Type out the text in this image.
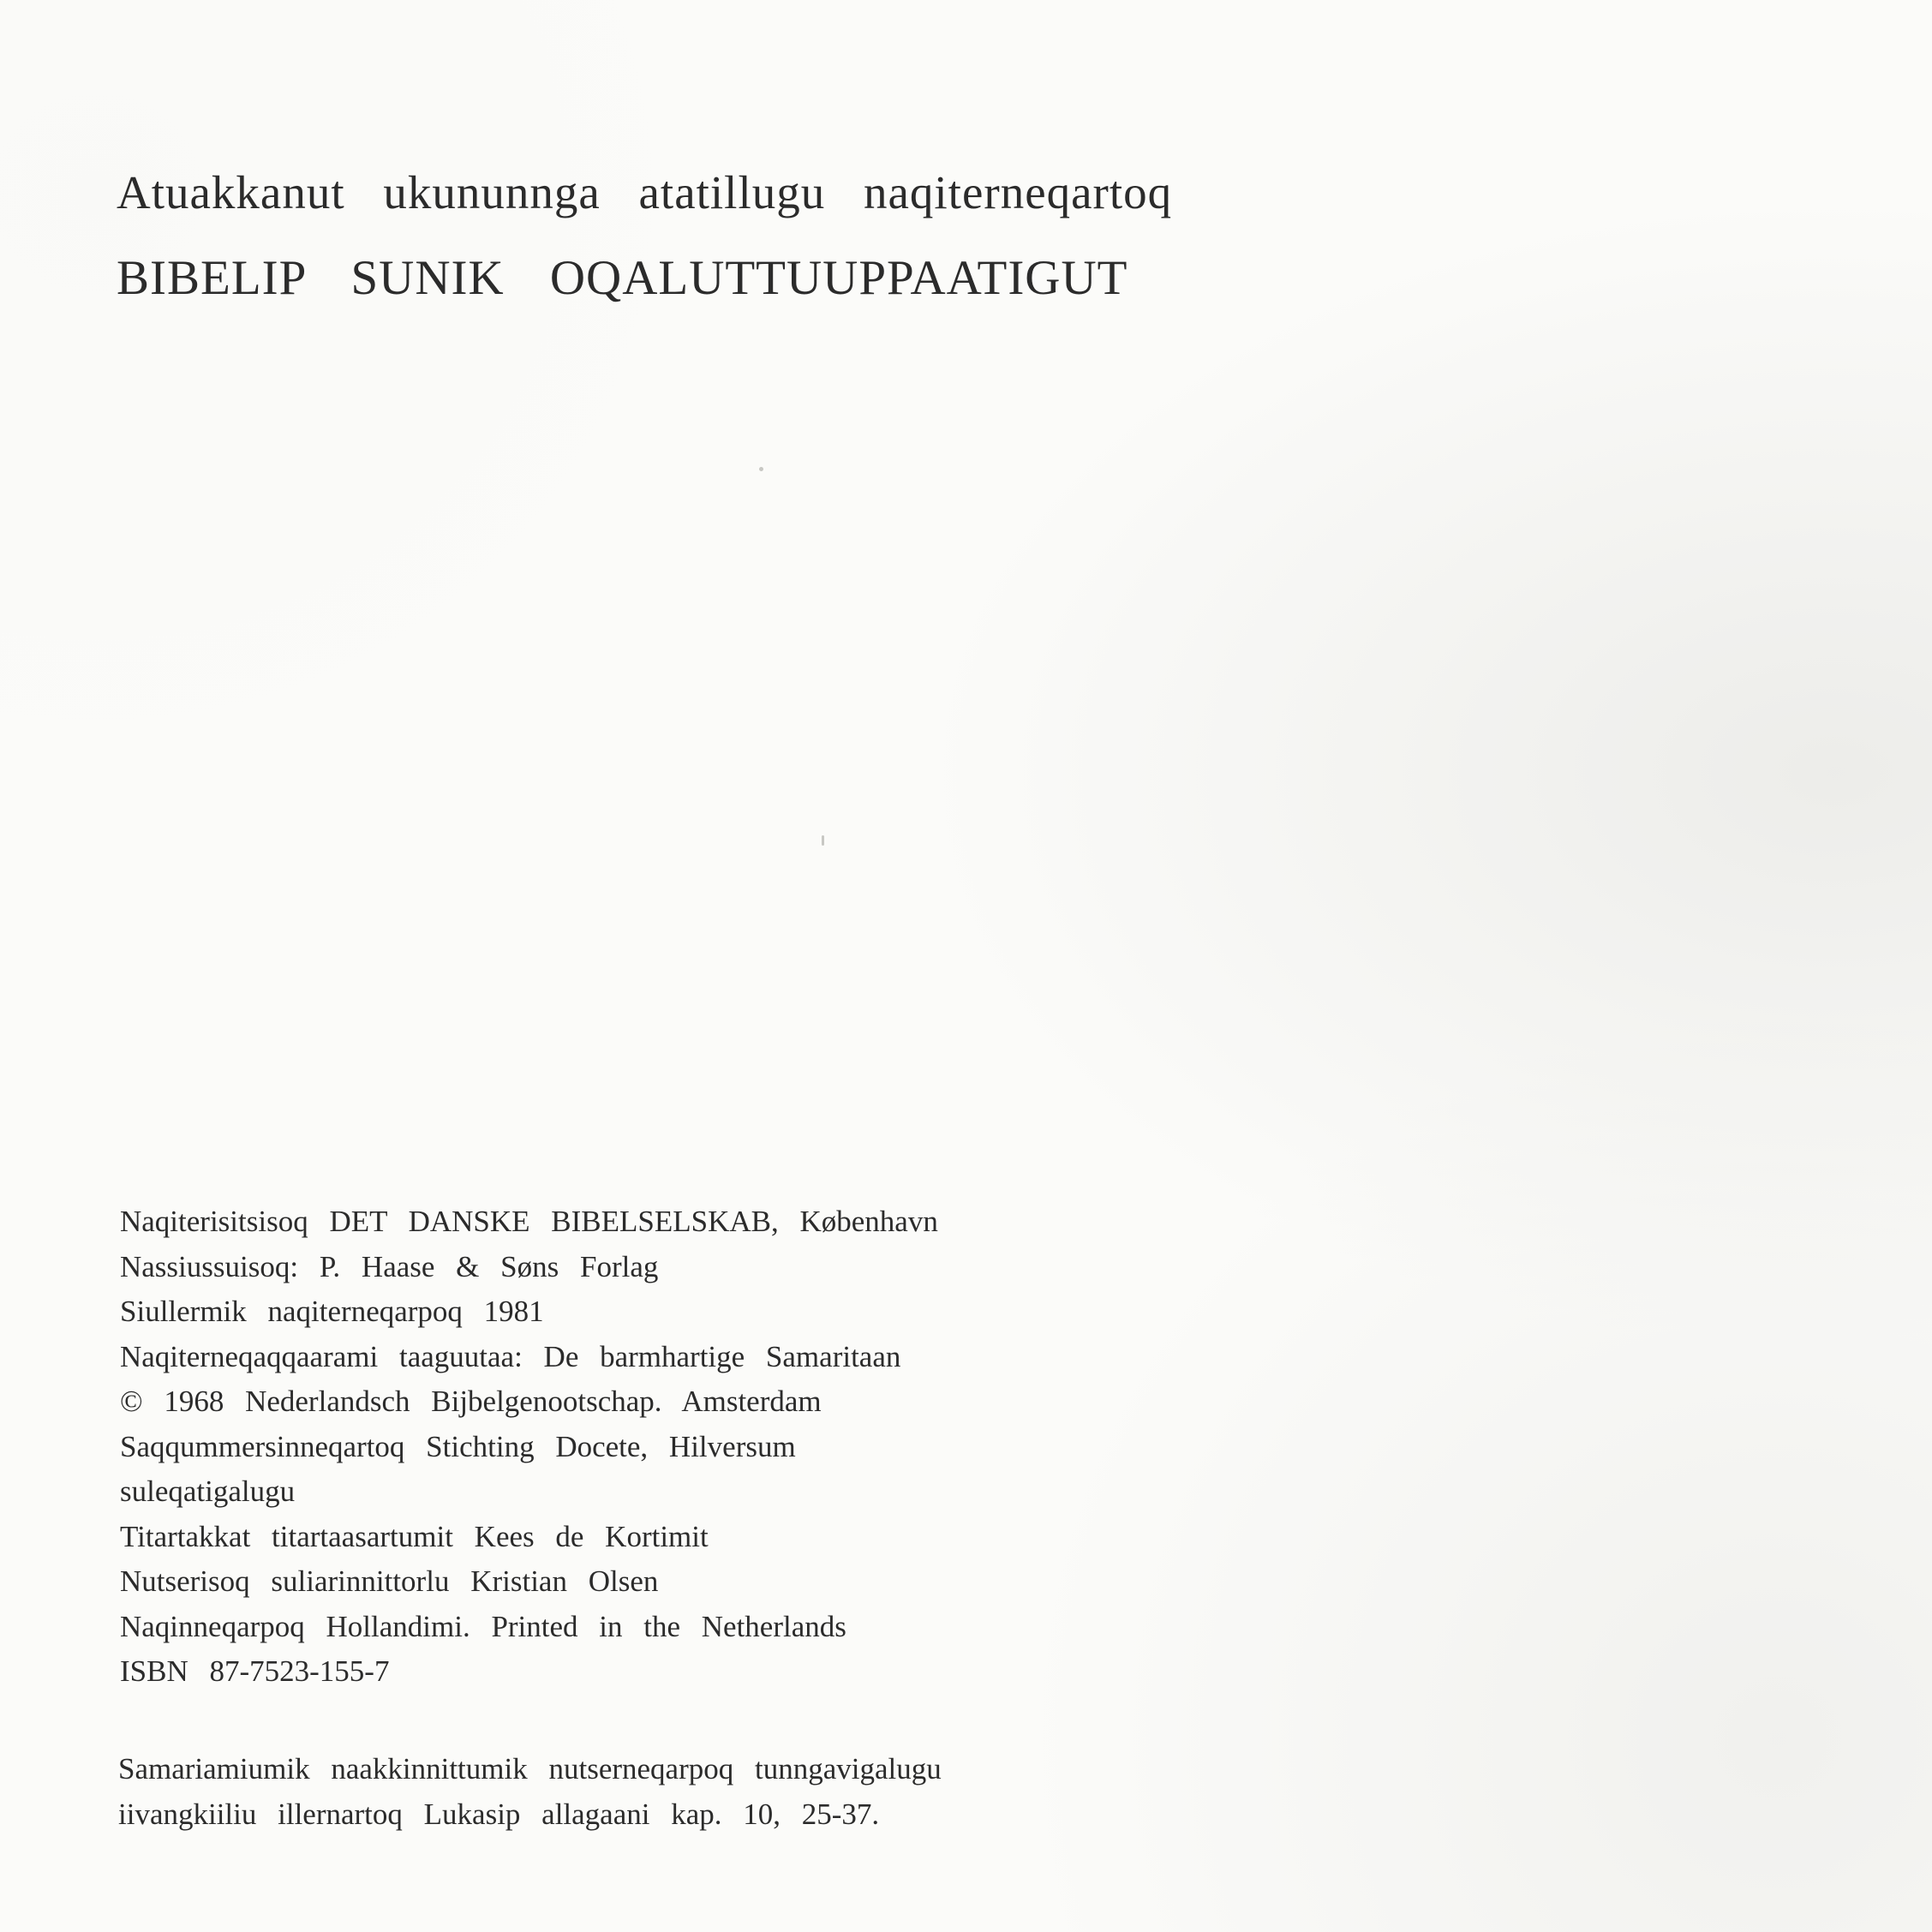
Atuakkanut ukununnga atatillugu naqiterneqartoq

BIBELIP SUNIK OQALUTTUUPPAATIGUT

Naqiterisitsisoq DET DANSKE BIBELSELSKAB, København

Nassiussuisoq: P. Haase & Søns Forlag

Siullermik naqiterneqarpoq 1981

Naqiterneqaqqaarami taaguutaa: De barmhartige Samaritaan

© 1968 Nederlandsch Bijbelgenootschap. Amsterdam

Saqqummersinneqartoq Stichting Docete, Hilversum

suleqatigalugu

Titartakkat titartaasartumit Kees de Kortimit

Nutserisoq suliarinnittorlu Kristian Olsen

Naqinneqarpoq Hollandimi. Printed in the Netherlands

ISBN 87-7523-155-7

Samariamiumik naakkinnittumik nutserneqarpoq tunngavigalugu

iivangkiiliu illernartoq Lukasip allagaani kap. 10, 25-37.
